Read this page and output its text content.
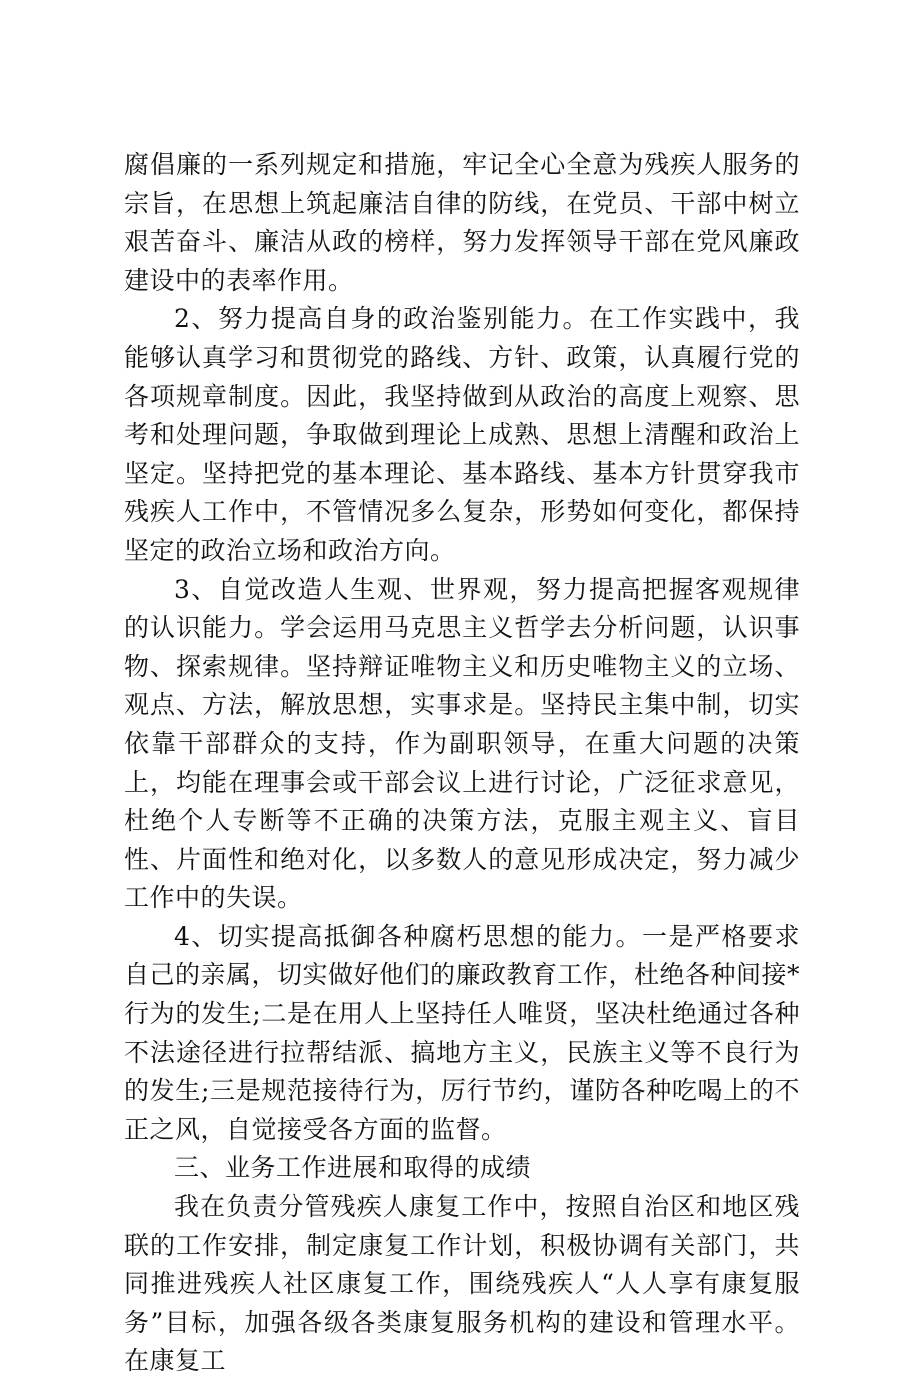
腐倡廉的一系列规定和措施，牢记全心全意为残疾人服务的宗旨，在思想上筑起廉洁自律的防线，在党员、干部中树立艰苦奋斗、廉洁从政的榜样，努力发挥领导干部在党风廉政建设中的表率作用。

2、努力提高自身的政治鉴别能力。在工作实践中，我能够认真学习和贯彻党的路线、方针、政策，认真履行党的各项规章制度。因此，我坚持做到从政治的高度上观察、思考和处理问题，争取做到理论上成熟、思想上清醒和政治上坚定。坚持把党的基本理论、基本路线、基本方针贯穿我市残疾人工作中，不管情况多么复杂，形势如何变化，都保持坚定的政治立场和政治方向。

3、自觉改造人生观、世界观，努力提高把握客观规律的认识能力。学会运用马克思主义哲学去分析问题，认识事物、探索规律。坚持辩证唯物主义和历史唯物主义的立场、观点、方法，解放思想，实事求是。坚持民主集中制，切实依靠干部群众的支持，作为副职领导，在重大问题的决策上，均能在理事会或干部会议上进行讨论，广泛征求意见，杜绝个人专断等不正确的决策方法，克服主观主义、盲目性、片面性和绝对化，以多数人的意见形成决定，努力减少工作中的失误。

4、切实提高抵御各种腐朽思想的能力。一是严格要求自己的亲属，切实做好他们的廉政教育工作，杜绝各种间接*行为的发生;二是在用人上坚持任人唯贤，坚决杜绝通过各种不法途径进行拉帮结派、搞地方主义，民族主义等不良行为的发生;三是规范接待行为，厉行节约，谨防各种吃喝上的不正之风，自觉接受各方面的监督。

三、业务工作进展和取得的成绩

我在负责分管残疾人康复工作中，按照自治区和地区残联的工作安排，制定康复工作计划，积极协调有关部门，共同推进残疾人社区康复工作，围绕残疾人“人人享有康复服务”目标，加强各级各类康复服务机构的建设和管理水平。在康复工
